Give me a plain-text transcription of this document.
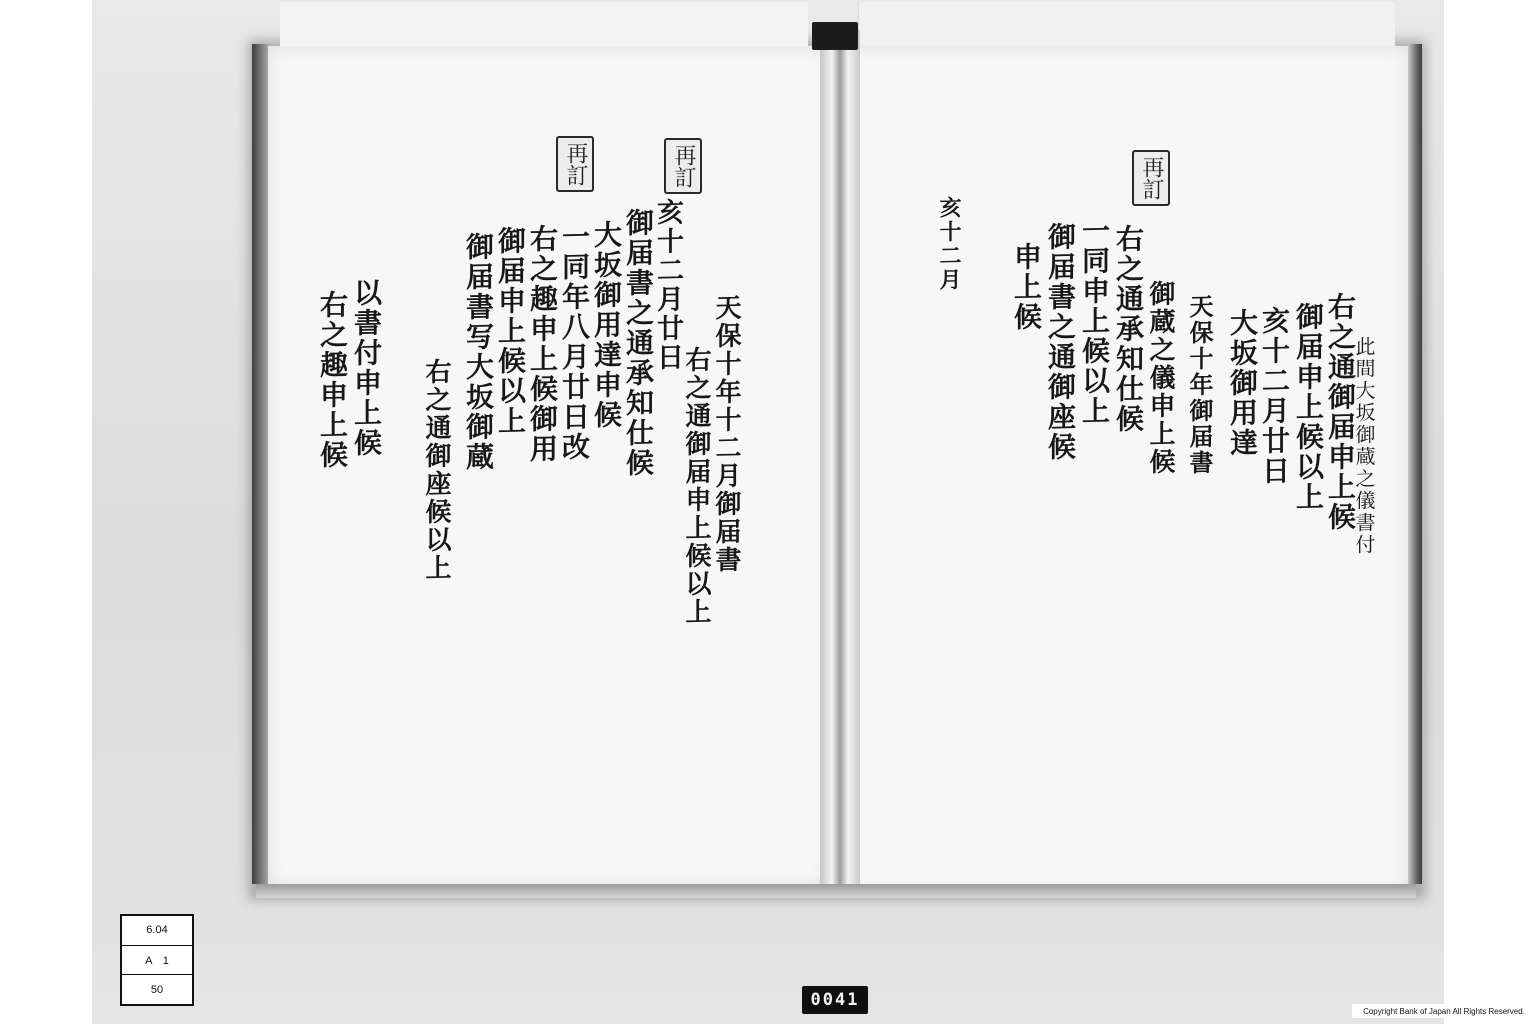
再訂	再訂
天保十年十二月御届書
右之通御届申上候以上
亥十二月廿日
御届書之通承知仕候
大坂御用達申候
一同年八月廿日改
右之趣申上候御用
御届申上候以上
御届書写大坂御蔵
右之通御座候以上
以書付申上候
右之趣申上候
再訂
右之通御届申上候
此間大坂御蔵之儀書付
御届申上候以上
亥十二月廿日
大坂御用達
天保十年御届書
御蔵之儀申上候
右之通承知仕候
一同申上候以上
御届書之通御座候
申上候
亥十二月
6.04
A　1
50
0041
Copyright Bank of Japan All Rights Reserved.
